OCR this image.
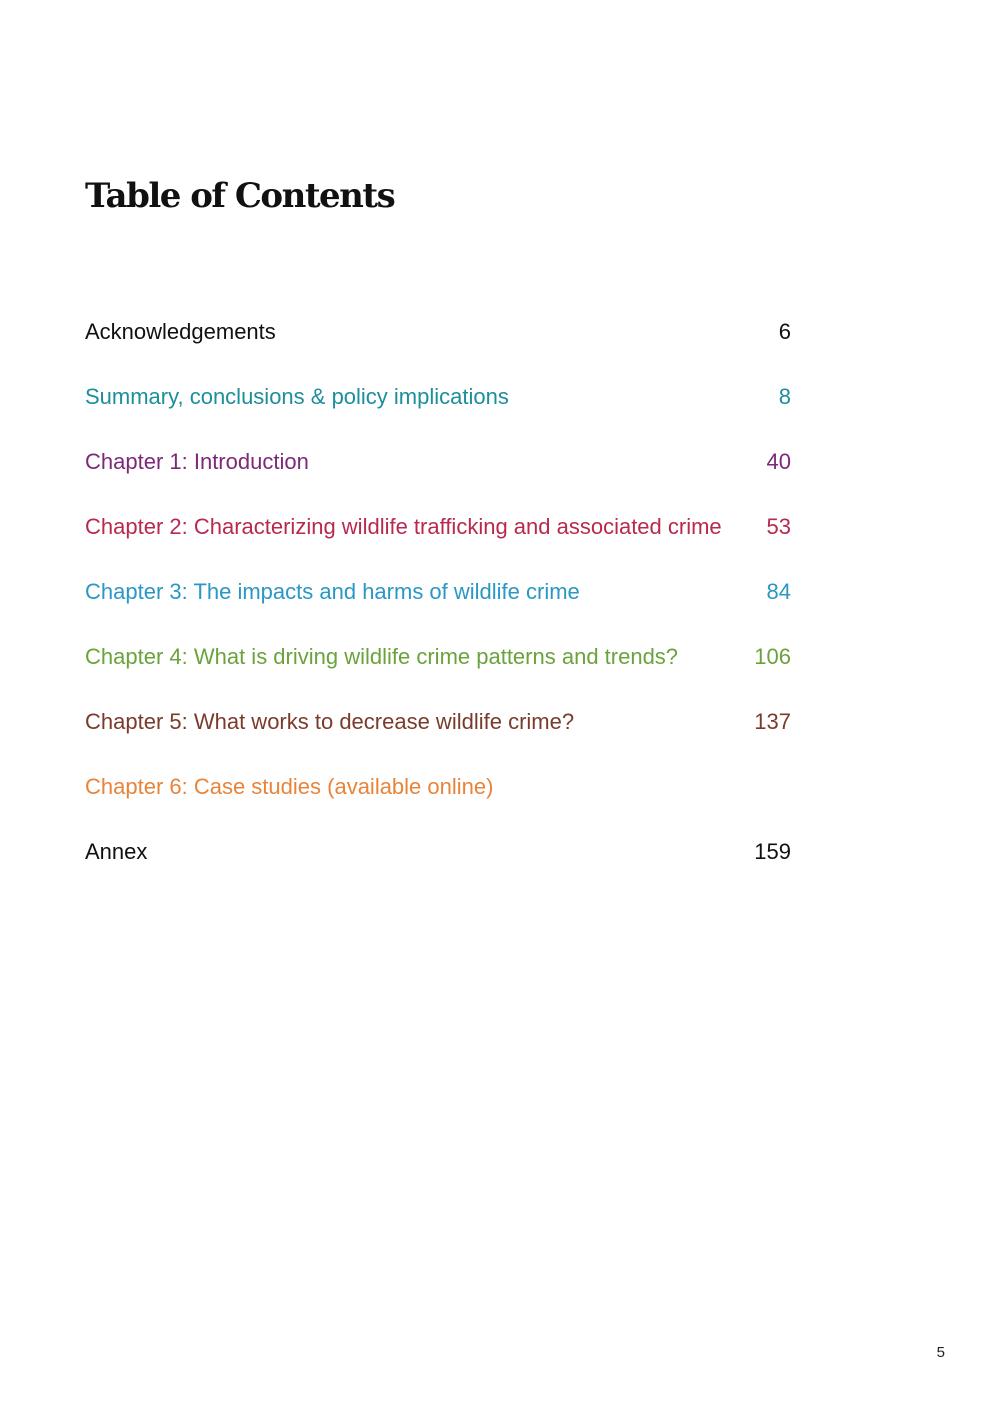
Table of Contents
Acknowledgements	6
Summary, conclusions & policy implications	8
Chapter 1: Introduction	40
Chapter 2: Characterizing wildlife trafficking and associated crime 53
Chapter 3: The impacts and harms of wildlife crime	84
Chapter 4: What is driving wildlife crime patterns and trends?	106
Chapter 5: What works to decrease wildlife crime?	137
Chapter 6: Case studies (available online)
Annex	159
5
